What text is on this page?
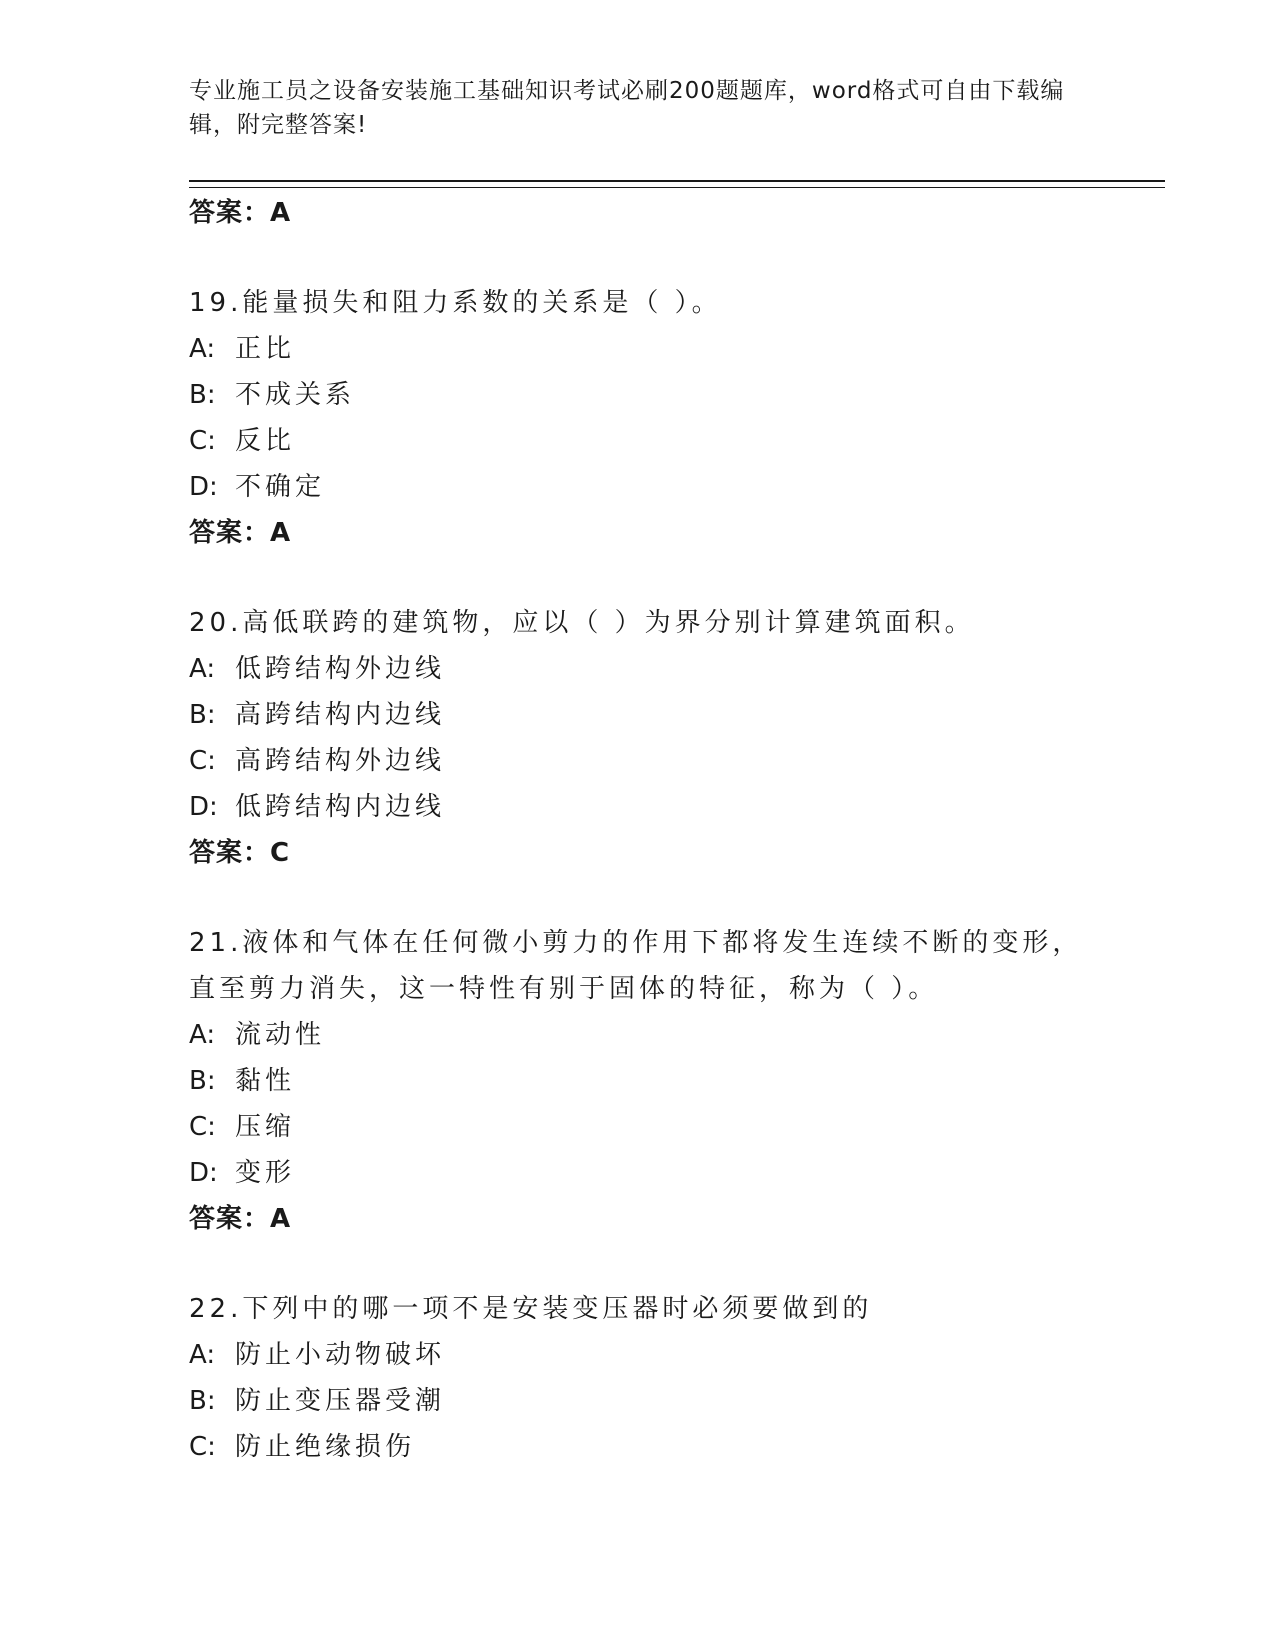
专业施工员之设备安装施工基础知识考试必刷200题题库，word格式可自由下载编辑，附完整答案!
答案：A
19.能量损失和阻力系数的关系是（ ）。
A: 正比
B: 不成关系
C: 反比
D: 不确定
答案：A
20.高低联跨的建筑物，应以（ ）为界分别计算建筑面积。
A: 低跨结构外边线
B: 高跨结构内边线
C: 高跨结构外边线
D: 低跨结构内边线
答案：C
21.液体和气体在任何微小剪力的作用下都将发生连续不断的变形，直至剪力消失，这一特性有别于固体的特征，称为（ ）。
A: 流动性
B: 黏性
C: 压缩
D: 变形
答案：A
22.下列中的哪一项不是安装变压器时必须要做到的
A: 防止小动物破坏
B: 防止变压器受潮
C: 防止绝缘损伤
